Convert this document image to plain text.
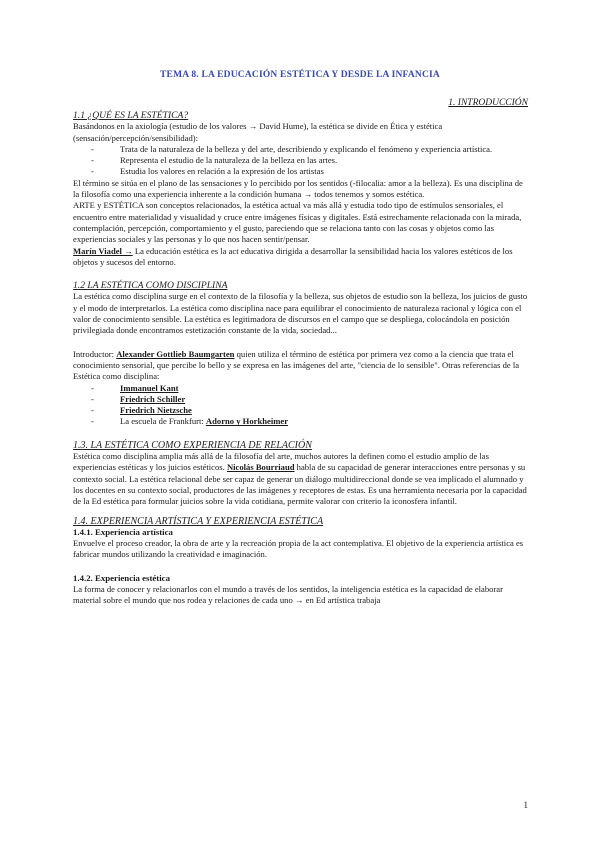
TEMA 8. LA EDUCACIÓN ESTÉTICA Y DESDE LA INFANCIA
1. INTRODUCCIÓN

1.1 ¿QUÉ ES LA ESTÉTICA?

Basándonos en la axiología (estudio de los valores → David Hume), la estética se divide en Ética y estética (sensación/percepción/sensibilidad):

- Trata de la naturaleza de la belleza y del arte, describiendo y explicando el fenómeno y experiencia artística.
- Representa el estudio de la naturaleza de la belleza en las artes.
- Estudia los valores en relación a la expresión de los artistas

El término se sitúa en el plano de las sensaciones y lo percibido por los sentidos (-filocalia: amor a la belleza). Es una disciplina de la filosofía como una experiencia inherente a la condición humana → todos tenemos y somos estética.

ARTE y ESTÉTICA son conceptos relacionados, la estética actual va más allá y estudia todo tipo de estímulos sensoriales, el encuentro entre materialidad y visualidad y cruce entre imágenes físicas y digitales. Está estrechamente relacionada con la mirada, contemplación, percepción, comportamiento y el gusto, pareciendo que se relaciona tanto con las cosas y objetos como las experiencias sociales y las personas y lo que nos hacen sentir/pensar.

Marín Viadel → La educación estética es la act educativa dirigida a desarrollar la sensibilidad hacia los valores estéticos de los objetos y sucesos del entorno.

1.2 LA ESTÉTICA COMO DISCIPLINA

La estética como disciplina surge en el contexto de la filosofía y la belleza, sus objetos de estudio son la belleza, los juicios de gusto y el modo de interpretarlos. La estética como disciplina nace para equilibrar el conocimiento de naturaleza racional y lógica con el valor de conocimiento sensible. La estética es legitimadora de discursos en el campo que se despliega, colocándola en posición privilegiada donde encontramos estetización constante de la vida, sociedad...

Introductor: Alexander Gottlieb Baumgarten quien utiliza el término de estética por primera vez como a la ciencia que trata el conocimiento sensorial, que percibe lo bello y se expresa en las imágenes del arte, "ciencia de lo sensible". Otras referencias de la Estética como disciplina:

- Immanuel Kant
- Friedrich Schiller
- Friedrich Nietzsche
- La escuela de Frankfurt: Adorno y Horkheimer

1.3. LA ESTÉTICA COMO EXPERIENCIA DE RELACIÓN

Estética como disciplina amplia más allá de la filosofía del arte, muchos autores la definen como el estudio amplio de las experiencias estéticas y los juicios estéticos. Nicolás Bourriaud habla de su capacidad de generar interacciones entre personas y su contexto social. La estética relacional debe ser capaz de generar un diálogo multidireccional donde se vea implicado el alumnado y los docentes en su contexto social, productores de las imágenes y receptores de estas. Es una herramienta necesaria por la capacidad de la Ed estética para formular juicios sobre la vida cotidiana, permite valorar con criterio la iconosfera infantil.

1.4. EXPERIENCIA ARTÍSTICA Y EXPERIENCIA ESTÉTICA

1.4.1. Experiencia artística

Envuelve el proceso creador, la obra de arte y la recreación propia de la act contemplativa. El objetivo de la experiencia artística es fabricar mundos utilizando la creatividad e imaginación.

1.4.2. Experiencia estética

La forma de conocer y relacionarlos con el mundo a través de los sentidos, la inteligencia estética es la capacidad de elaborar material sobre el mundo que nos rodea y relaciones de cada uno → en Ed artística trabaja

1
